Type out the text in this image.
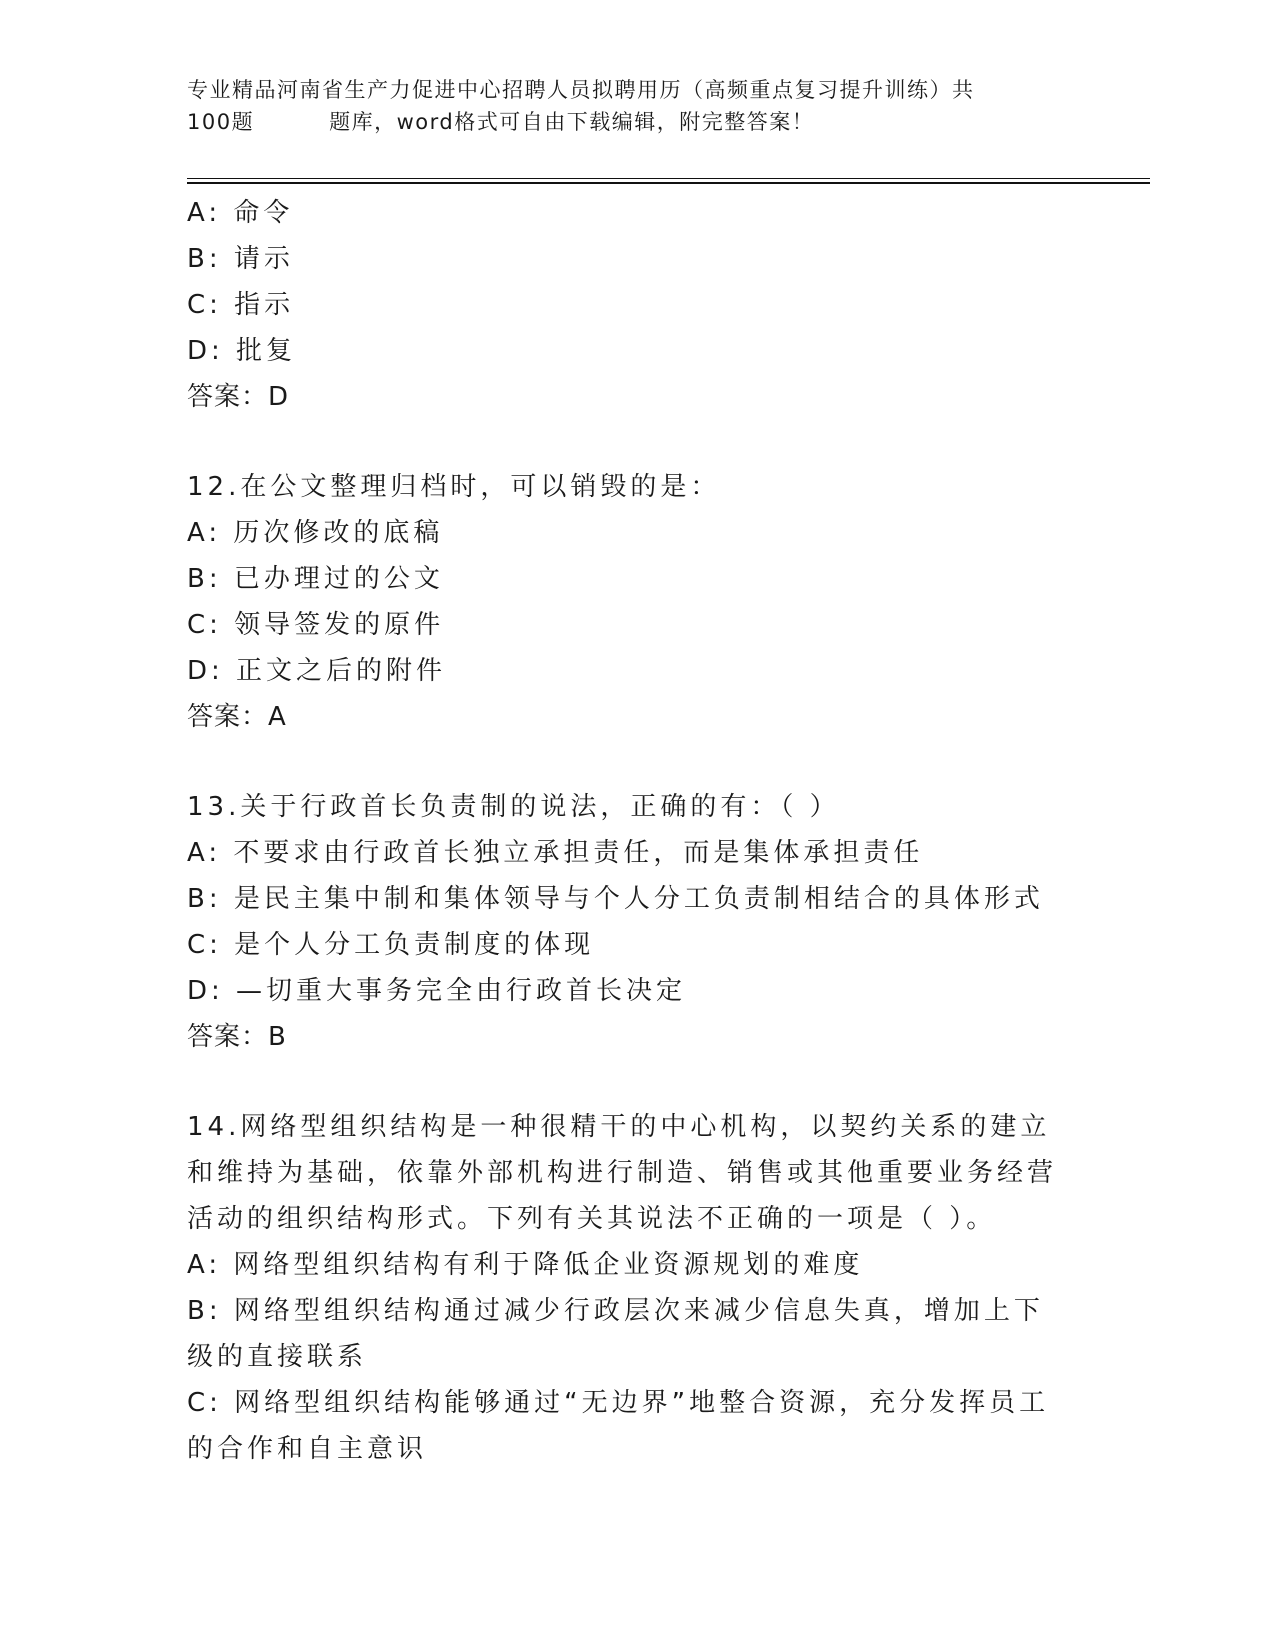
专业精品河南省生产力促进中心招聘人员拟聘用历（高频重点复习提升训练）共
100题	题库，word格式可自由下载编辑，附完整答案！
A: 命令
B: 请示
C: 指示
D: 批复
答案：D
12.在公文整理归档时，可以销毁的是：
A: 历次修改的底稿
B: 已办理过的公文
C: 领导签发的原件
D: 正文之后的附件
答案：A
13.关于行政首长负责制的说法，正确的有：（ ）
A: 不要求由行政首长独立承担责任，而是集体承担责任
B: 是民主集中制和集体领导与个人分工负责制相结合的具体形式
C: 是个人分工负责制度的体现
D: —切重大事务完全由行政首长决定
答案：B
14.网络型组织结构是一种很精干的中心机构，以契约关系的建立和维持为基础，依靠外部机构进行制造、销售或其他重要业务经营活动的组织结构形式。下列有关其说法不正确的一项是（ ）。
A: 网络型组织结构有利于降低企业资源规划的难度
B: 网络型组织结构通过减少行政层次来减少信息失真，增加上下级的直接联系
C: 网络型组织结构能够通过“无边界”地整合资源，充分发挥员工的合作和自主意识
